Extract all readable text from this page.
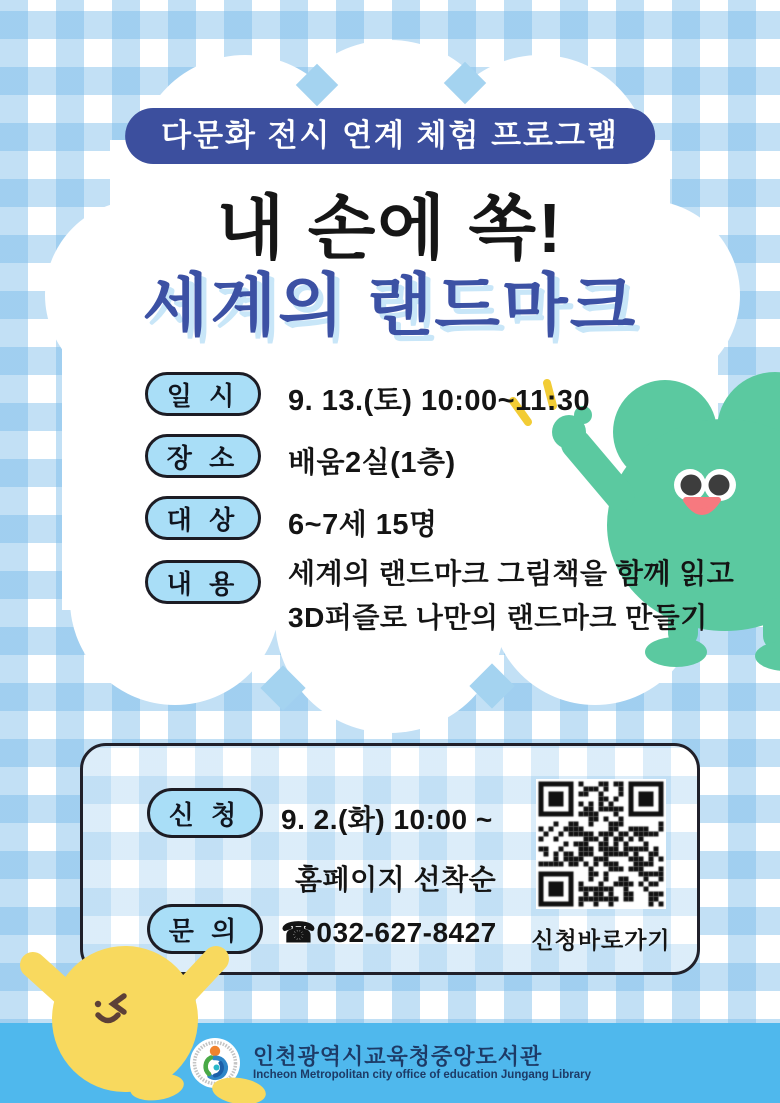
다문화 전시 연계 체험 프로그램
내 손에 쏙!
세계의 랜드마크
일 시	9. 13.(토) 10:00~11:30
장 소	배움2실(1층)
대 상	6~7세 15명
내 용	세계의 랜드마크 그림책을 함께 읽고
3D퍼즐로 나만의 랜드마크 만들기
신 청	9. 2.(화) 10:00 ~
홈페이지 선착순
문 의	☎032-627-8427	신청바로가기
인천광역시교육청중앙도서관
Incheon Metropolitan city office of education Jungang Library
